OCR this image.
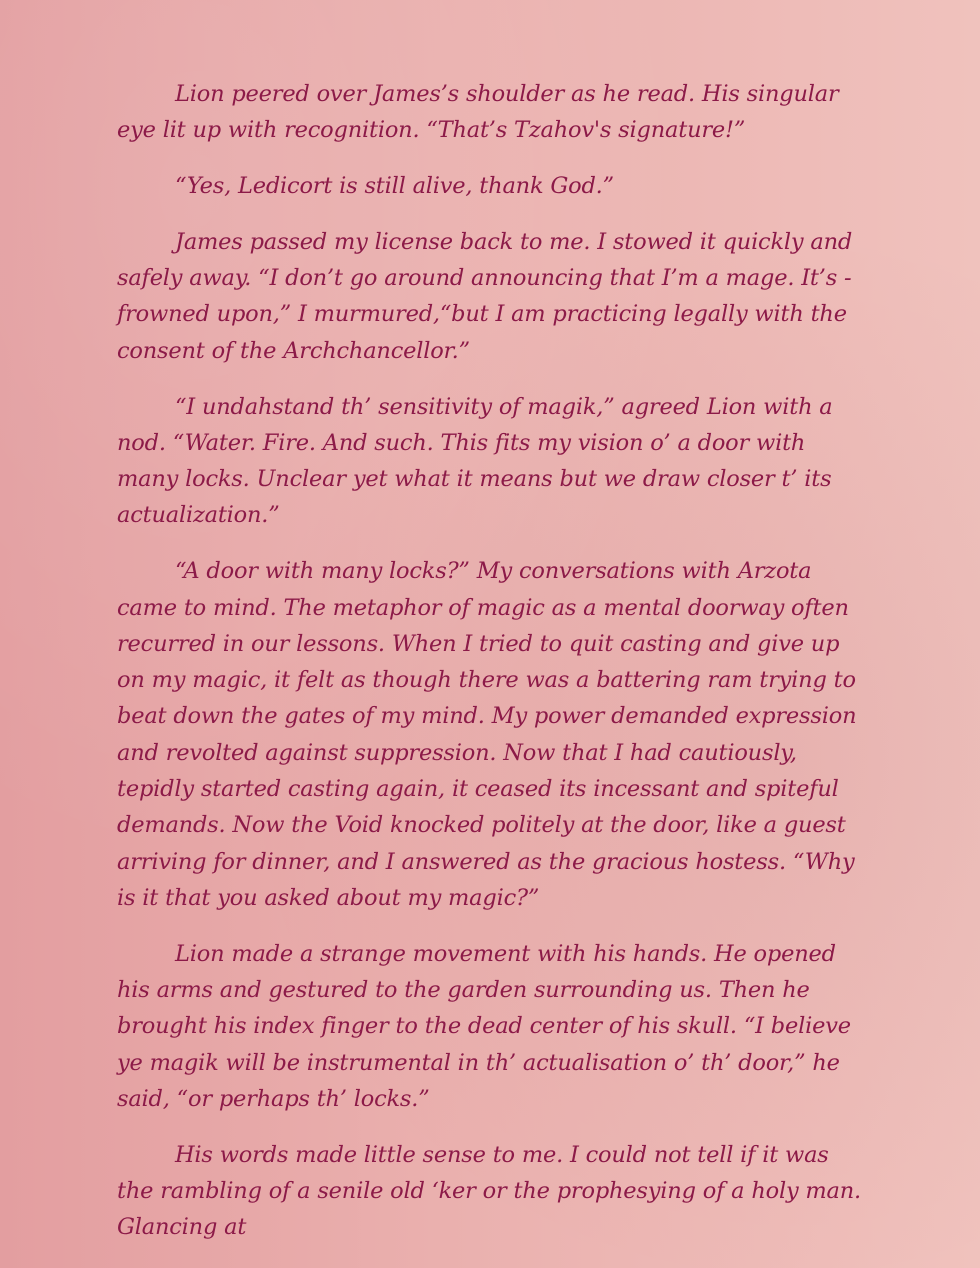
Lion peered over James’s shoulder as he read. His singular eye lit up with recognition. “That’s Tzahov's signature!”

“Yes, Ledicort is still alive, thank God.”

James passed my license back to me. I stowed it quickly and safely away. “I don’t go around announcing that I’m a mage. It’s - frowned upon,” I murmured,“but I am practicing legally with the consent of the Archchancellor.”

“I undahstand th’ sensitivity of magik,” agreed Lion with a nod. “Water. Fire. And such. This fits my vision o’ a door with many locks. Unclear yet what it means but we draw closer t’ its actualization.”

“A door with many locks?” My conversations with Arzota came to mind. The metaphor of magic as a mental doorway often recurred in our lessons. When I tried to quit casting and give up on my magic, it felt as though there was a battering ram trying to beat down the gates of my mind. My power demanded expression and revolted against suppression. Now that I had cautiously, tepidly started casting again, it ceased its incessant and spiteful demands. Now the Void knocked politely at the door, like a guest arriving for dinner, and I answered as the gracious hostess. “Why is it that you asked about my magic?”

Lion made a strange movement with his hands. He opened his arms and gestured to the garden surrounding us. Then he brought his index finger to the dead center of his skull. “I believe ye magik will be instrumental in th’ actualisation o’ th’ door,” he said, “or perhaps th’ locks.”

His words made little sense to me. I could not tell if it was the rambling of a senile old ‘ker or the prophesying of a holy man. Glancing at
